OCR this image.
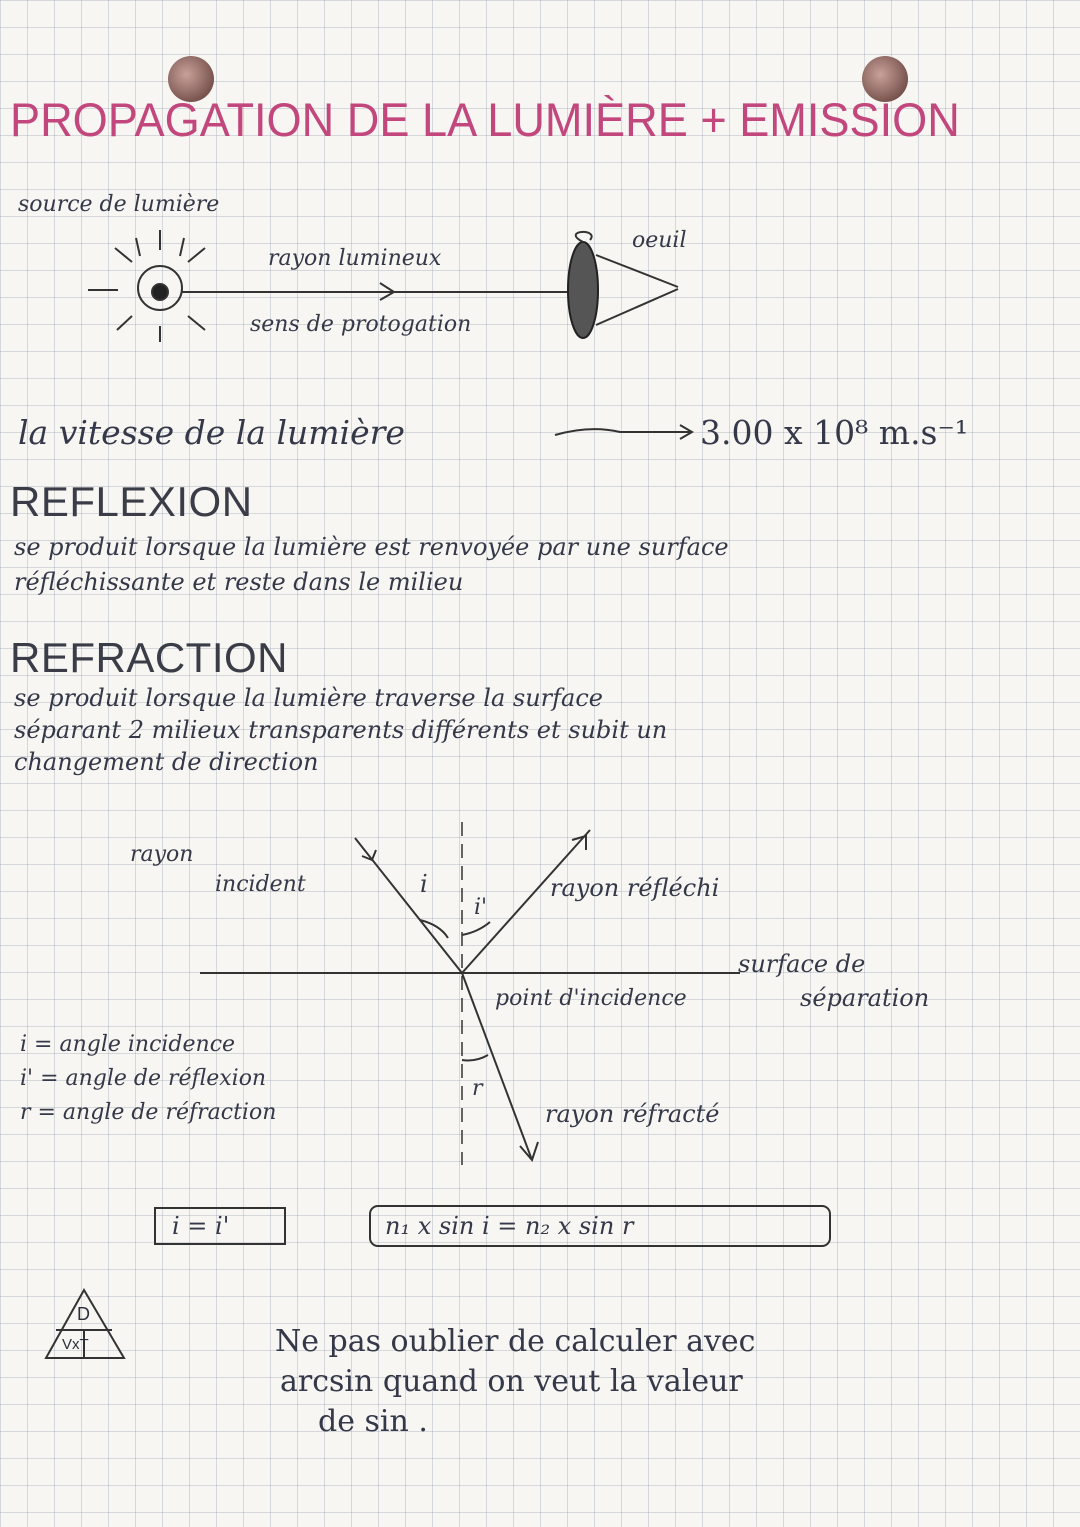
PROPAGATION DE LA LUMIÈRE + EMISSION
source de lumière
rayon lumineux
sens de protogation
oeuil
la vitesse de la lumière	3.00 x 10⁸ m.s⁻¹
REFLEXION
se produit lorsque la lumière est renvoyée par une surface
réfléchissante et reste dans le milieu
REFRACTION
se produit lorsque la lumière traverse la surface
séparant 2 milieux transparents différents et subit un
changement de direction
rayon
incident	i
i'
rayon réfléchi
surface de
séparation
point d'incidence
r
rayon réfracté
i = angle incidence
i' = angle de réflexion
r = angle de réfraction
i = i'	n₁ x sin i = n₂ x sin r
D
VxT	Ne pas oublier de calculer avec
arcsin quand on veut la valeur
de sin .
